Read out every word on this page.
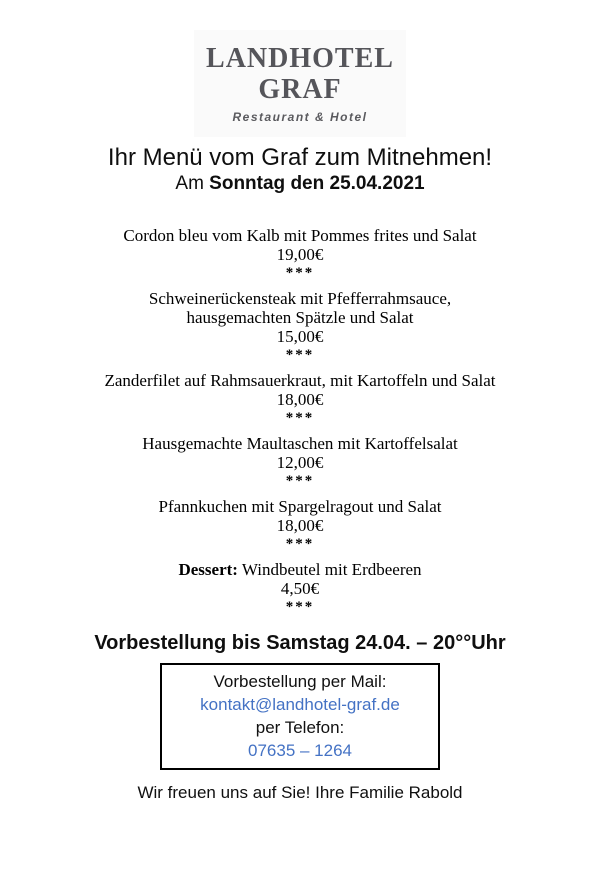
LANDHOTEL
GRAF
Restaurant & Hotel
Ihr Menü vom Graf zum Mitnehmen!
Am Sonntag den 25.04.2021
Cordon bleu vom Kalb mit Pommes frites und Salat
19,00€
***
Schweinerückensteak mit Pfefferrahmsauce,
hausgemachten Spätzle und Salat
15,00€
***
Zanderfilet auf Rahmsauerkraut, mit Kartoffeln und Salat
18,00€
***
Hausgemachte Maultaschen mit Kartoffelsalat
12,00€
***
Pfannkuchen mit Spargelragout und Salat
18,00€
***
Dessert: Windbeutel mit Erdbeeren
4,50€
***
Vorbestellung bis Samstag 24.04. – 20°°Uhr
Vorbestellung per Mail:
kontakt@landhotel-graf.de
per Telefon:
07635 – 1264
Wir freuen uns auf Sie! Ihre Familie Rabold
